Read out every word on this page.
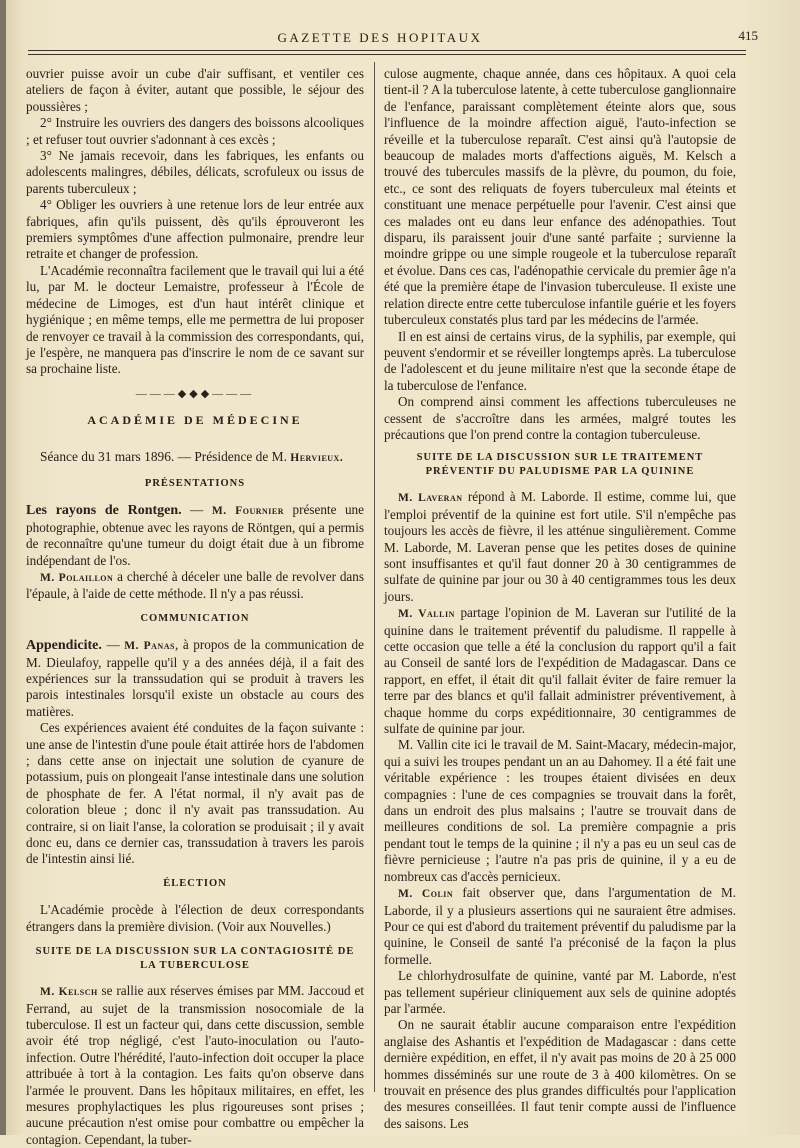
GAZETTE DES HOPITAUX	415

ouvrier puisse avoir un cube d'air suffisant, et ventiler ces ateliers de façon à éviter, autant que possible, le séjour des poussières ;

2° Instruire les ouvriers des dangers des boissons alcooliques ; et refuser tout ouvrier s'adonnant à ces excès ;

3° Ne jamais recevoir, dans les fabriques, les enfants ou adolescents malingres, débiles, délicats, scrofuleux ou issus de parents tuberculeux ;

4° Obliger les ouvriers à une retenue lors de leur entrée aux fabriques, afin qu'ils puissent, dès qu'ils éprouveront les premiers symptômes d'une affection pulmonaire, prendre leur retraite et changer de profession.

L'Académie reconnaîtra facilement que le travail qui lui a été lu, par M. le docteur Lemaistre, professeur à l'École de médecine de Limoges, est d'un haut intérêt clinique et hygiénique ; en même temps, elle me permettra de lui proposer de renvoyer ce travail à la commission des correspondants, qui, je l'espère, ne manquera pas d'inscrire le nom de ce savant sur sa prochaine liste.

———◆◆◆———
ACADÉMIE DE MÉDECINE

Séance du 31 mars 1896. — Présidence de M. Hervieux.

PRÉSENTATIONS

Les rayons de Rontgen. — M. Fournier présente une photographie, obtenue avec les rayons de Röntgen, qui a permis de reconnaître qu'une tumeur du doigt était due à un fibrome indépendant de l'os.

M. Polaillon a cherché à déceler une balle de revolver dans l'épaule, à l'aide de cette méthode. Il n'y a pas réussi.

COMMUNICATION

Appendicite. — M. Panas, à propos de la communication de M. Dieulafoy, rappelle qu'il y a des années déjà, il a fait des expériences sur la transsudation qui se produit à travers les parois intestinales lorsqu'il existe un obstacle au cours des matières.

Ces expériences avaient été conduites de la façon suivante : une anse de l'intestin d'une poule était attirée hors de l'abdomen ; dans cette anse on injectait une solution de cyanure de potassium, puis on plongeait l'anse intestinale dans une solution de phosphate de fer. A l'état normal, il n'y avait pas de coloration bleue ; donc il n'y avait pas transsudation. Au contraire, si on liait l'anse, la coloration se produisait ; il y avait donc eu, dans ce dernier cas, transsudation à travers les parois de l'intestin ainsi lié.

ÉLECTION

L'Académie procède à l'élection de deux correspondants étrangers dans la première division. (Voir aux Nouvelles.)

SUITE DE LA DISCUSSION SUR LA CONTAGIOSITÉ DE LA TUBERCULOSE

M. Kelsch se rallie aux réserves émises par MM. Jaccoud et Ferrand, au sujet de la transmission nosocomiale de la tuberculose. Il est un facteur qui, dans cette discussion, semble avoir été trop négligé, c'est l'auto-inoculation ou l'auto-infection. Outre l'hérédité, l'auto-infection doit occuper la place attribuée à tort à la contagion. Les faits qu'on observe dans l'armée le prouvent. Dans les hôpitaux militaires, en effet, les mesures prophylactiques les plus rigoureuses sont prises ; aucune précaution n'est omise pour combattre ou empêcher la contagion. Cependant, la tuber-

culose augmente, chaque année, dans ces hôpitaux. A quoi cela tient-il ? A la tuberculose latente, à cette tuberculose ganglionnaire de l'enfance, paraissant complètement éteinte alors que, sous l'influence de la moindre affection aiguë, l'auto-infection se réveille et la tuberculose reparaît. C'est ainsi qu'à l'autopsie de beaucoup de malades morts d'affections aiguës, M. Kelsch a trouvé des tubercules massifs de la plèvre, du poumon, du foie, etc., ce sont des reliquats de foyers tuberculeux mal éteints et constituant une menace perpétuelle pour l'avenir. C'est ainsi que ces malades ont eu dans leur enfance des adénopathies. Tout disparu, ils paraissent jouir d'une santé parfaite ; survienne la moindre grippe ou une simple rougeole et la tuberculose reparaît et évolue. Dans ces cas, l'adénopathie cervicale du premier âge n'a été que la première étape de l'invasion tuberculeuse. Il existe une relation directe entre cette tuberculose infantile guérie et les foyers tuberculeux constatés plus tard par les médecins de l'armée.

Il en est ainsi de certains virus, de la syphilis, par exemple, qui peuvent s'endormir et se réveiller longtemps après. La tuberculose de l'adolescent et du jeune militaire n'est que la seconde étape de la tuberculose de l'enfance.

On comprend ainsi comment les affections tuberculeuses ne cessent de s'accroître dans les armées, malgré toutes les précautions que l'on prend contre la contagion tuberculeuse.

SUITE DE LA DISCUSSION SUR LE TRAITEMENT PRÉVENTIF DU PALUDISME PAR LA QUININE

M. Laveran répond à M. Laborde. Il estime, comme lui, que l'emploi préventif de la quinine est fort utile. S'il n'empêche pas toujours les accès de fièvre, il les atténue singulièrement. Comme M. Laborde, M. Laveran pense que les petites doses de quinine sont insuffisantes et qu'il faut donner 20 à 30 centigrammes de sulfate de quinine par jour ou 30 à 40 centigrammes tous les deux jours.

M. Vallin partage l'opinion de M. Laveran sur l'utilité de la quinine dans le traitement préventif du paludisme. Il rappelle à cette occasion que telle a été la conclusion du rapport qu'il a fait au Conseil de santé lors de l'expédition de Madagascar. Dans ce rapport, en effet, il était dit qu'il fallait éviter de faire remuer la terre par des blancs et qu'il fallait administrer préventivement, à chaque homme du corps expéditionnaire, 30 centigrammes de sulfate de quinine par jour.

M. Vallin cite ici le travail de M. Saint-Macary, médecin-major, qui a suivi les troupes pendant un an au Dahomey. Il a été fait une véritable expérience : les troupes étaient divisées en deux compagnies : l'une de ces compagnies se trouvait dans la forêt, dans un endroit des plus malsains ; l'autre se trouvait dans de meilleures conditions de sol. La première compagnie a pris pendant tout le temps de la quinine ; il n'y a pas eu un seul cas de fièvre pernicieuse ; l'autre n'a pas pris de quinine, il y a eu de nombreux cas d'accès pernicieux.

M. Colin fait observer que, dans l'argumentation de M. Laborde, il y a plusieurs assertions qui ne sauraient être admises. Pour ce qui est d'abord du traitement préventif du paludisme par la quinine, le Conseil de santé l'a préconisé de la façon la plus formelle.

Le chlorhydrosulfate de quinine, vanté par M. Laborde, n'est pas tellement supérieur cliniquement aux sels de quinine adoptés par l'armée.

On ne saurait établir aucune comparaison entre l'expédition anglaise des Ashantis et l'expédition de Madagascar : dans cette dernière expédition, en effet, il n'y avait pas moins de 20 à 25 000 hommes disséminés sur une route de 3 à 400 kilomètres. On se trouvait en présence des plus grandes difficultés pour l'application des mesures conseillées. Il faut tenir compte aussi de l'influence des saisons. Les
